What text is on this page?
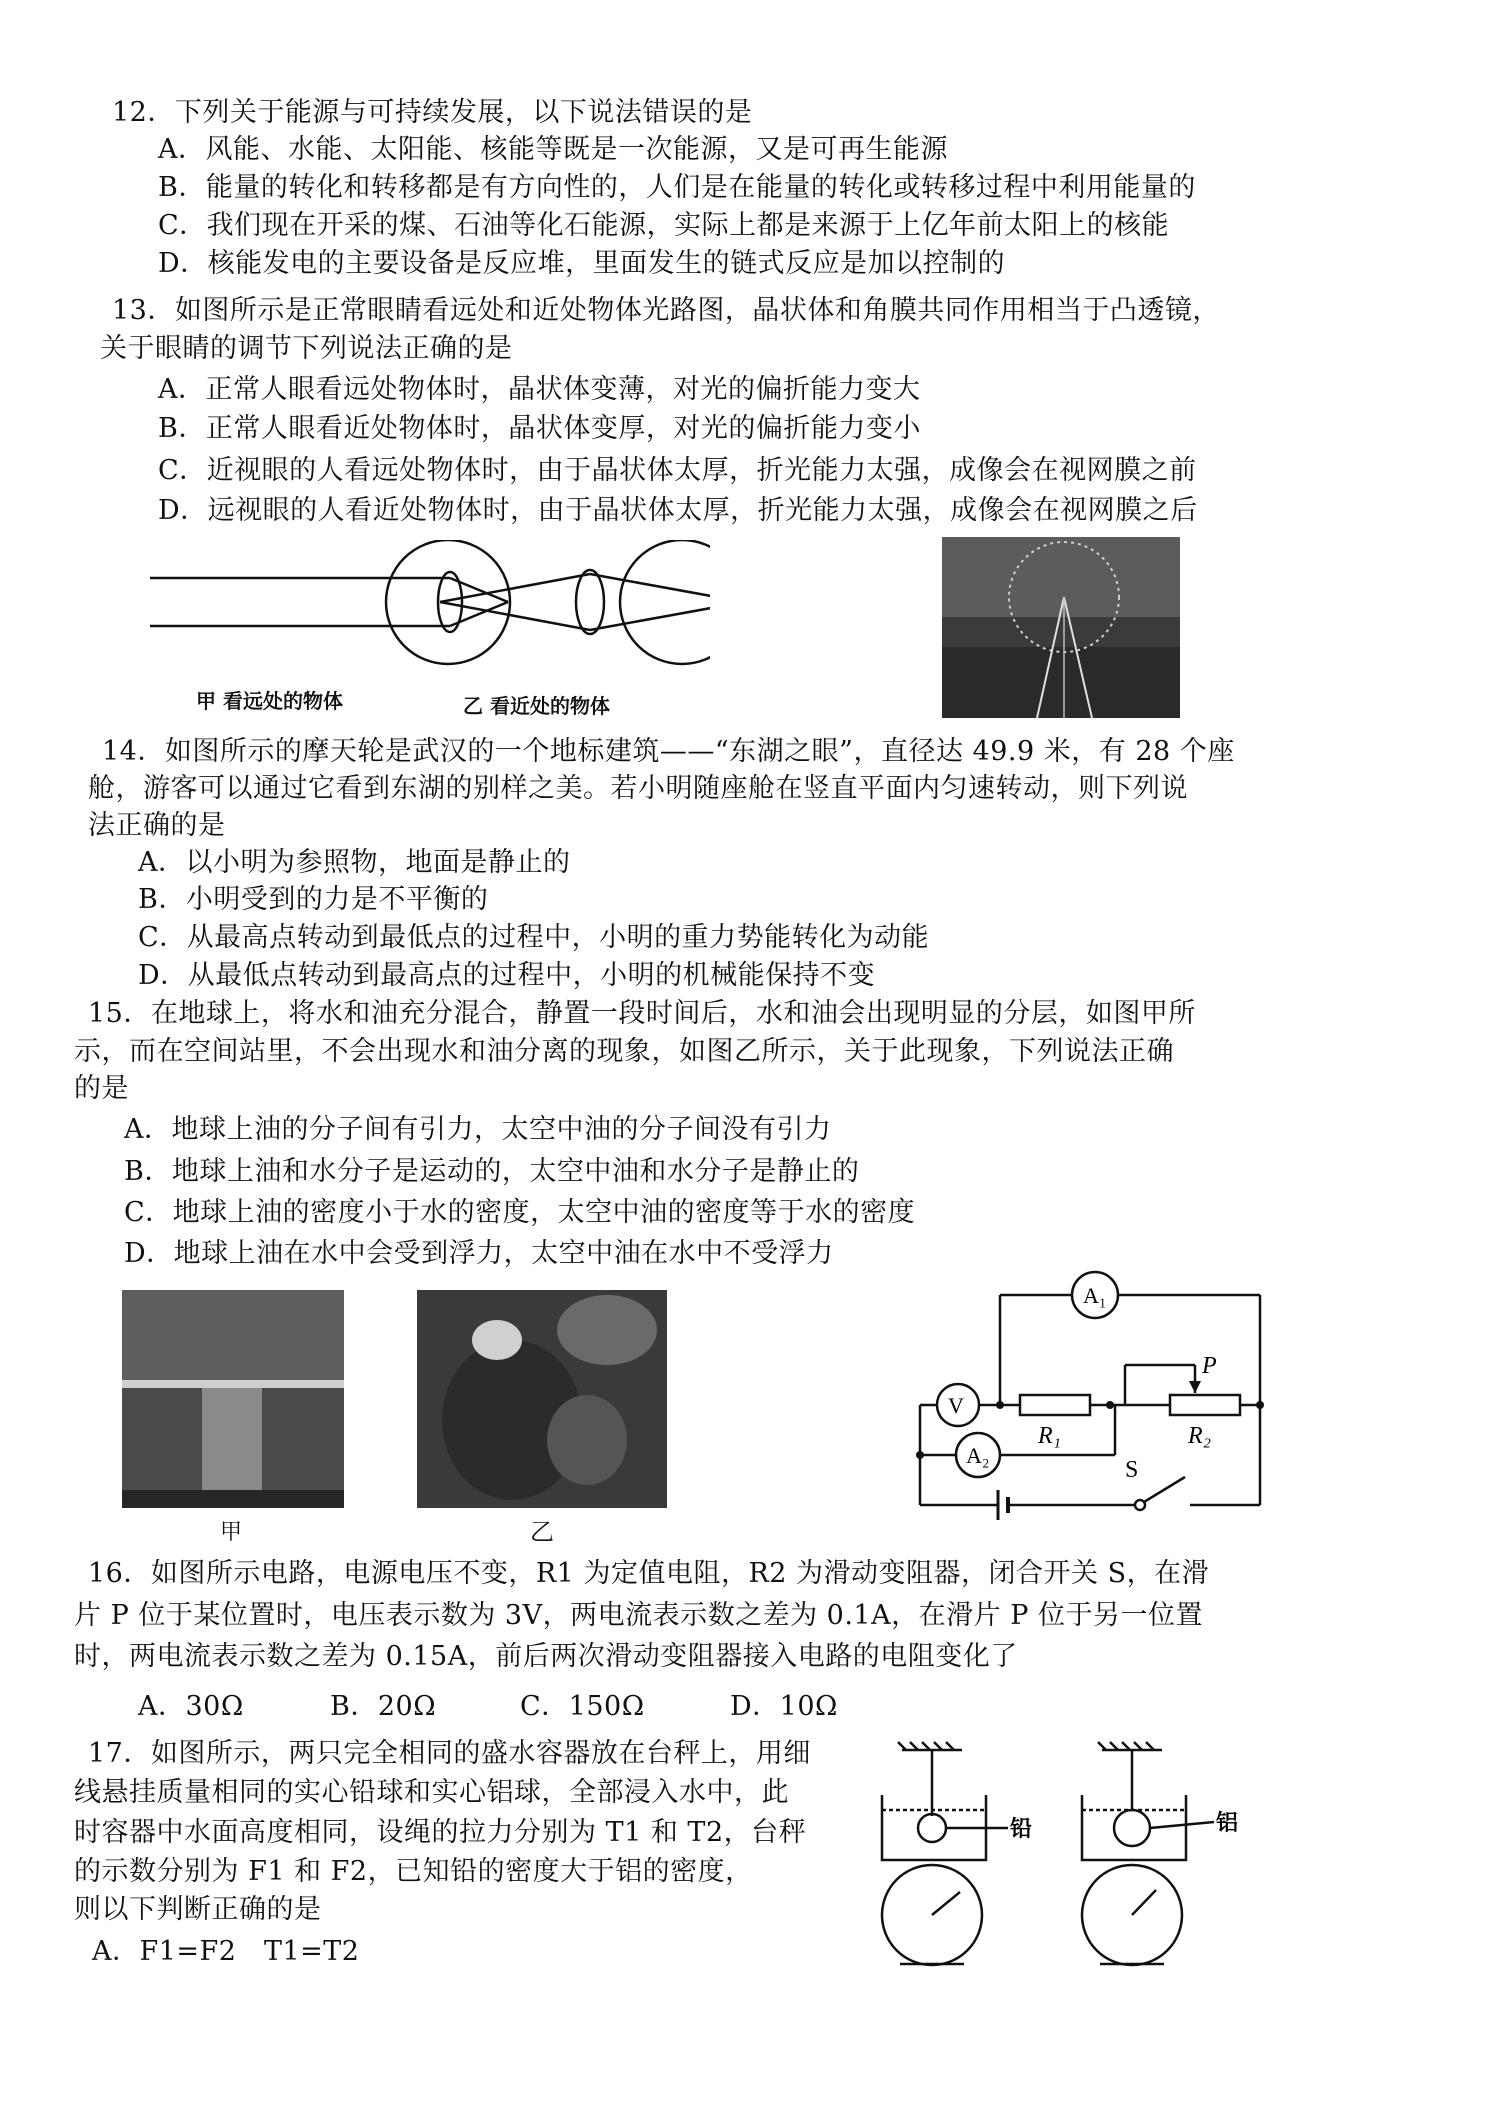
12．下列关于能源与可持续发展，以下说法错误的是
A．风能、水能、太阳能、核能等既是一次能源，又是可再生能源
B．能量的转化和转移都是有方向性的，人们是在能量的转化或转移过程中利用能量的
C．我们现在开采的煤、石油等化石能源，实际上都是来源于上亿年前太阳上的核能
D．核能发电的主要设备是反应堆，里面发生的链式反应是加以控制的
13．如图所示是正常眼睛看远处和近处物体光路图，晶状体和角膜共同作用相当于凸透镜，
关于眼睛的调节下列说法正确的是
A．正常人眼看远处物体时，晶状体变薄，对光的偏折能力变大
B．正常人眼看近处物体时，晶状体变厚，对光的偏折能力变小
C．近视眼的人看远处物体时，由于晶状体太厚，折光能力太强，成像会在视网膜之前
D．远视眼的人看近处物体时，由于晶状体太厚，折光能力太强，成像会在视网膜之后
甲 看远处的物体	乙 看近处的物体
14．如图所示的摩天轮是武汉的一个地标建筑——“东湖之眼”，直径达 49.9 米，有 28 个座
舱，游客可以通过它看到东湖的别样之美。若小明随座舱在竖直平面内匀速转动，则下列说
法正确的是
A．以小明为参照物，地面是静止的
B．小明受到的力是不平衡的
C．从最高点转动到最低点的过程中，小明的重力势能转化为动能
D．从最低点转动到最高点的过程中，小明的机械能保持不变
15．在地球上，将水和油充分混合，静置一段时间后，水和油会出现明显的分层，如图甲所
示，而在空间站里，不会出现水和油分离的现象，如图乙所示，关于此现象，下列说法正确
的是
A．地球上油的分子间有引力，太空中油的分子间没有引力
B．地球上油和水分子是运动的，太空中油和水分子是静止的
C．地球上油的密度小于水的密度，太空中油的密度等于水的密度
D．地球上油在水中会受到浮力，太空中油在水中不受浮力
甲	乙
A₁
V
A₂
R₁	R₂
P
S
16．如图所示电路，电源电压不变，R1 为定值电阻，R2 为滑动变阻器，闭合开关 S，在滑
片 P 位于某位置时，电压表示数为 3V，两电流表示数之差为 0.1A，在滑片 P 位于另一位置
时，两电流表示数之差为 0.15A，前后两次滑动变阻器接入电路的电阻变化了
A．30Ω	B．20Ω	C．150Ω	D．10Ω
17．如图所示，两只完全相同的盛水容器放在台秤上，用细
线悬挂质量相同的实心铅球和实心铝球，全部浸入水中，此
时容器中水面高度相同，设绳的拉力分别为 T1 和 T2，台秤
的示数分别为 F1 和 F2，已知铅的密度大于铝的密度，
则以下判断正确的是
A．F1=F2　T1=T2
铅	铝
